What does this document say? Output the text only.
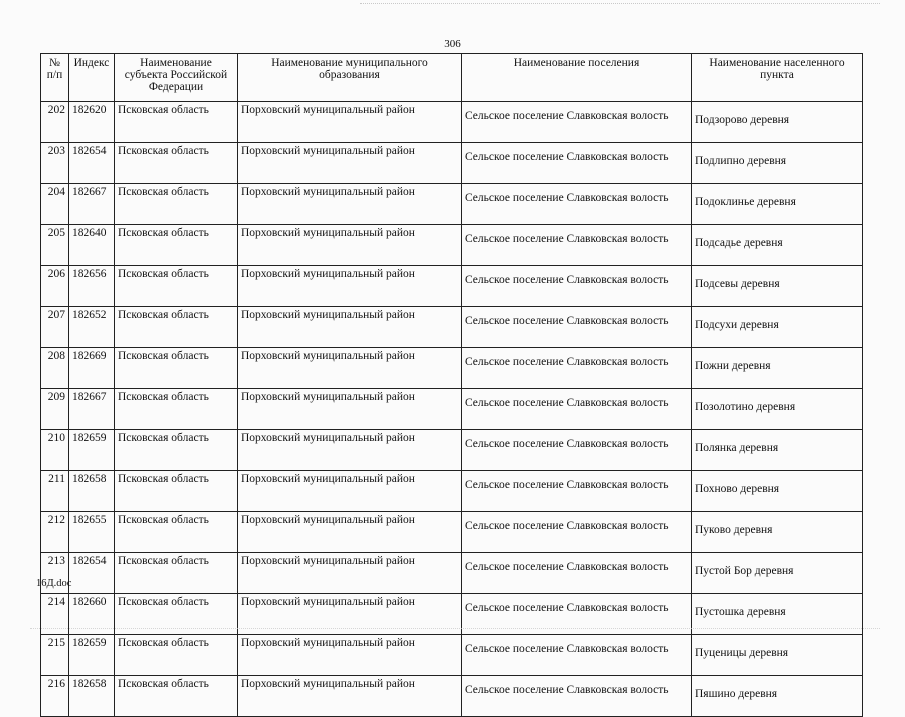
306
№ п/п	Индекс	Наименование субъекта Российской Федерации	Наименование муниципального образования	Наименование поселения	Наименование населенного пункта
202	182620	Псковская область	Порховский муниципальный район	Сельское поселение Славковская волость	Подзорово деревня
203	182654	Псковская область	Порховский муниципальный район	Сельское поселение Славковская волость	Подлипно деревня
204	182667	Псковская область	Порховский муниципальный район	Сельское поселение Славковская волость	Подоклинье деревня
205	182640	Псковская область	Порховский муниципальный район	Сельское поселение Славковская волость	Подсадье деревня
206	182656	Псковская область	Порховский муниципальный район	Сельское поселение Славковская волость	Подсевы деревня
207	182652	Псковская область	Порховский муниципальный район	Сельское поселение Славковская волость	Подсухи деревня
208	182669	Псковская область	Порховский муниципальный район	Сельское поселение Славковская волость	Пожни деревня
209	182667	Псковская область	Порховский муниципальный район	Сельское поселение Славковская волость	Позолотино деревня
210	182659	Псковская область	Порховский муниципальный район	Сельское поселение Славковская волость	Полянка деревня
211	182658	Псковская область	Порховский муниципальный район	Сельское поселение Славковская волость	Похново деревня
212	182655	Псковская область	Порховский муниципальный район	Сельское поселение Славковская волость	Пуково деревня
213	182654	Псковская область	Порховский муниципальный район	Сельское поселение Славковская волость	Пустой Бор деревня
214	182660	Псковская область	Порховский муниципальный район	Сельское поселение Славковская волость	Пустошка деревня
215	182659	Псковская область	Порховский муниципальный район	Сельское поселение Славковская волость	Пуценицы деревня
216	182658	Псковская область	Порховский муниципальный район	Сельское поселение Славковская волость	Пяшино деревня
16Д.doc
